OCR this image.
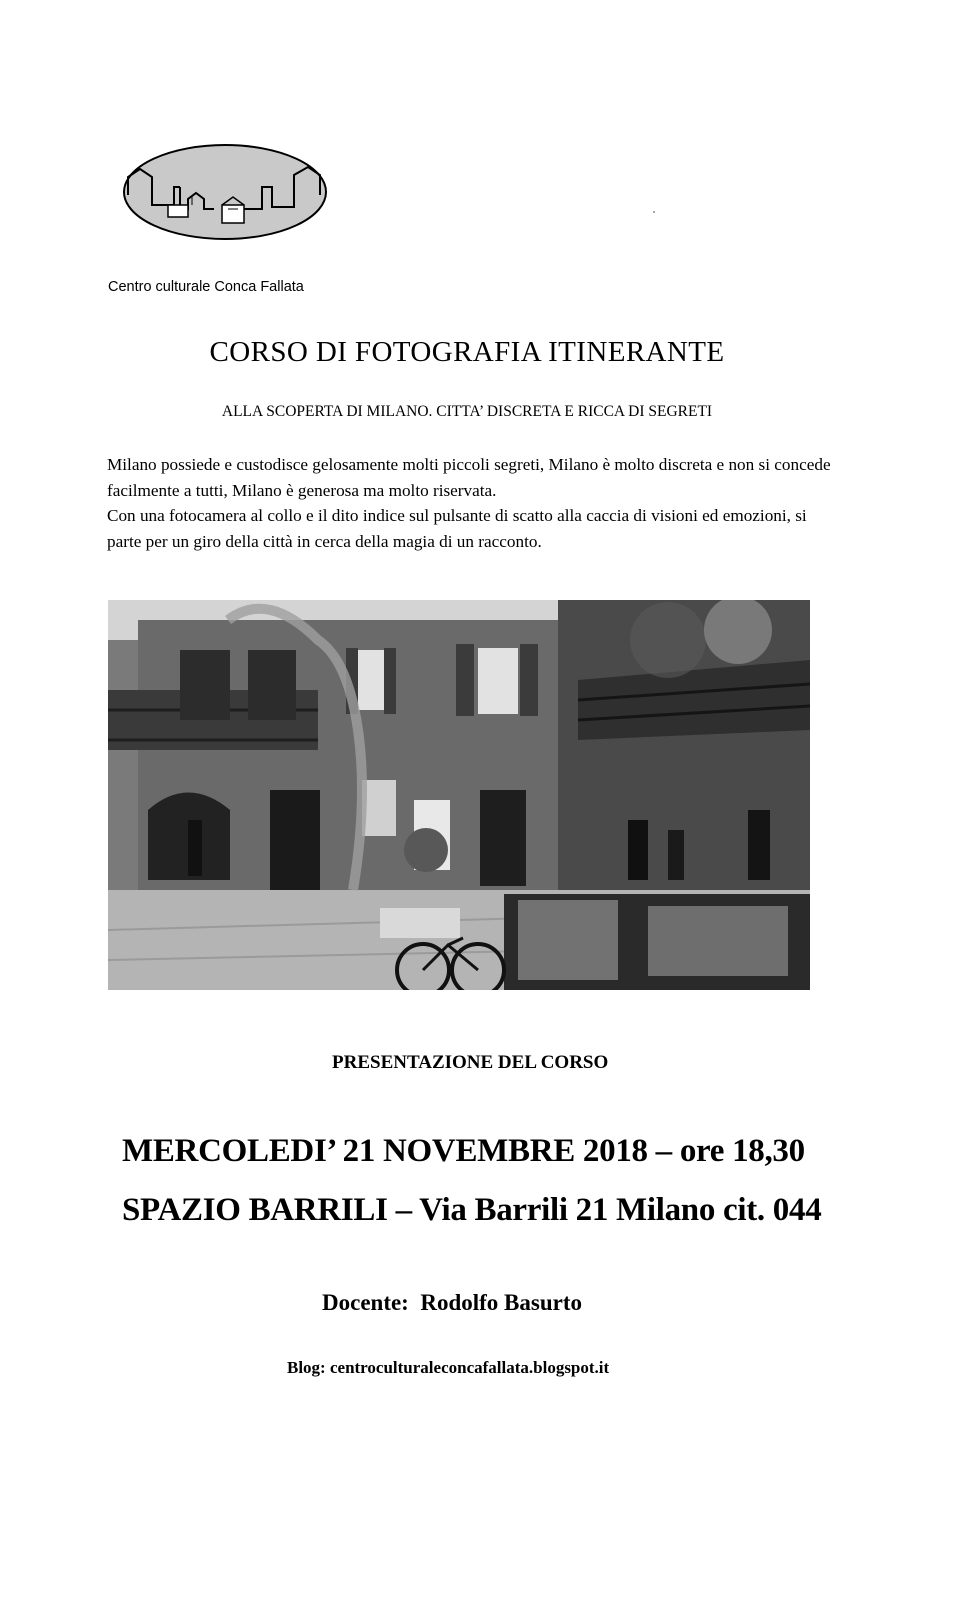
Centro culturale Conca Fallata
CORSO DI FOTOGRAFIA ITINERANTE
ALLA SCOPERTA DI MILANO. CITTA’ DISCRETA E RICCA DI SEGRETI

Milano possiede e custodisce gelosamente molti piccoli segreti, Milano è molto discreta e non si concede facilmente a tutti, Milano è generosa ma molto riservata.

Con una fotocamera al collo e il dito indice sul pulsante di scatto alla caccia di visioni ed emozioni, si parte per un giro della città in cerca della magia di un racconto.

PRESENTAZIONE DEL CORSO
MERCOLEDI’ 21 NOVEMBRE 2018 – ore 18,30
SPAZIO BARRILI – Via Barrili 21 Milano cit. 044
Docente:  Rodolfo Basurto
Blog: centroculturaleconcafallata.blogspot.it
